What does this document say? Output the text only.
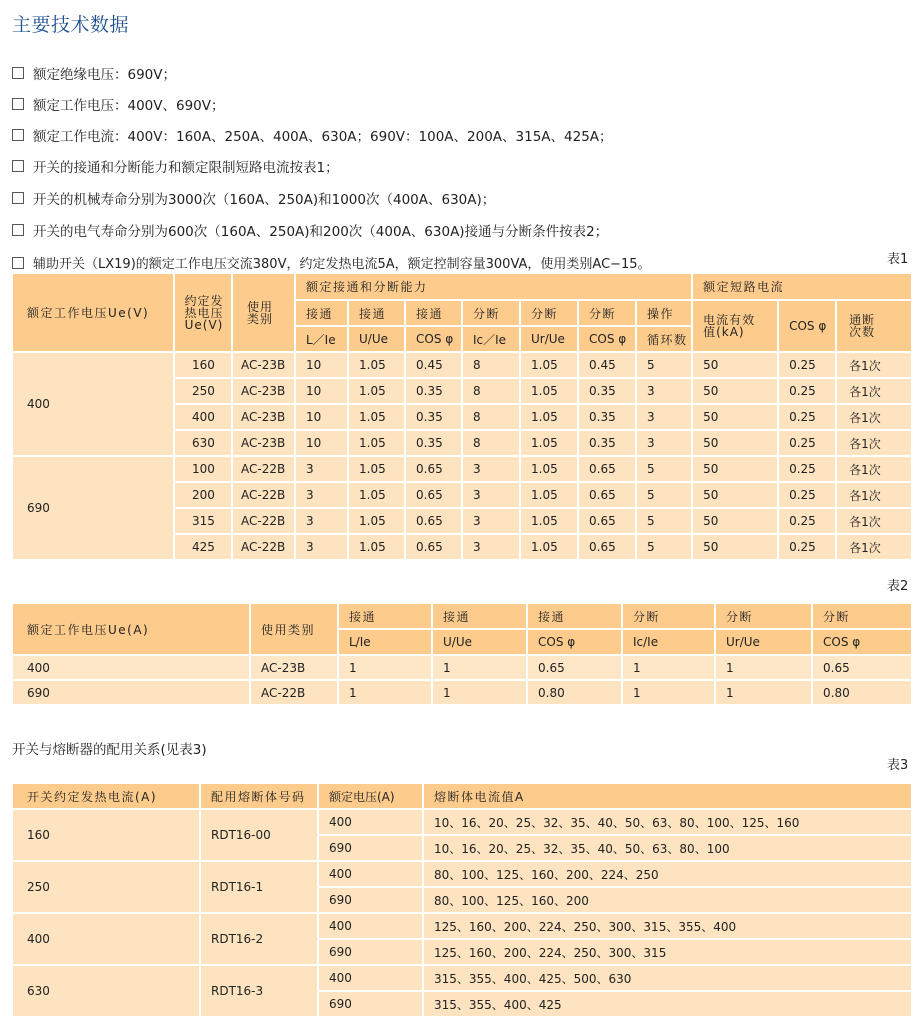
主要技术数据
额定绝缘电压：690V；
额定工作电压：400V、690V；
额定工作电流：400V：160A、250A、400A、630A；690V：100A、200A、315A、425A；
开关的接通和分断能力和额定限制短路电流按表1；
开关的机械寿命分别为3000次（160A、250A)和1000次（400A、630A)；
开关的电气寿命分别为600次（160A、250A)和200次（400A、630A)接通与分断条件按表2；
辅助开关（LX19)的额定工作电压交流380V，约定发热电流5A，额定控制容量300VA，使用类别AC−15。	表1
额定工作电压Ue(V)	约定发热电压Ue(V)	使用类别	额定接通和分断能力							额定短路电流		
			接通	接通	接通	分断	分断	分断	操作	电流有效值(kA)	COS φ	通断次数
			L／Ie	U/Ue	COS φ	Ic／Ie	Ur/Ue	COS φ	循环数			
400	160	AC-23B	10	1.05	0.45	8	1.05	0.45	5	50	0.25	各1次
	250	AC-23B	10	1.05	0.35	8	1.05	0.35	3	50	0.25	各1次
	400	AC-23B	10	1.05	0.35	8	1.05	0.35	3	50	0.25	各1次
	630	AC-23B	10	1.05	0.35	8	1.05	0.35	3	50	0.25	各1次
690	100	AC-22B	3	1.05	0.65	3	1.05	0.65	5	50	0.25	各1次
	200	AC-22B	3	1.05	0.65	3	1.05	0.65	5	50	0.25	各1次
	315	AC-22B	3	1.05	0.65	3	1.05	0.65	5	50	0.25	各1次
	425	AC-22B	3	1.05	0.65	3	1.05	0.65	5	50	0.25	各1次
表2
额定工作电压Ue(A)	使用类别	接通	接通	接通	分断	分断	分断
		L/Ie	U/Ue	COS φ	Ic/Ie	Ur/Ue	COS φ
400	AC-23B	1	1	0.65	1	1	0.65
690	AC-22B	1	1	0.80	1	1	0.80
开关与熔断器的配用关系(见表3)
表3
开关约定发热电流(A)	配用熔断体号码	额定电压(A)	熔断体电流值A
160	RDT16-00	400	10、16、20、25、32、35、40、50、63、80、100、125、160
		690	10、16、20、25、32、35、40、50、63、80、100
250	RDT16-1	400	80、100、125、160、200、224、250
		690	80、100、125、160、200
400	RDT16-2	400	125、160、200、224、250、300、315、355、400
		690	125、160、200、224、250、300、315
630	RDT16-3	400	315、355、400、425、500、630
		690	315、355、400、425
